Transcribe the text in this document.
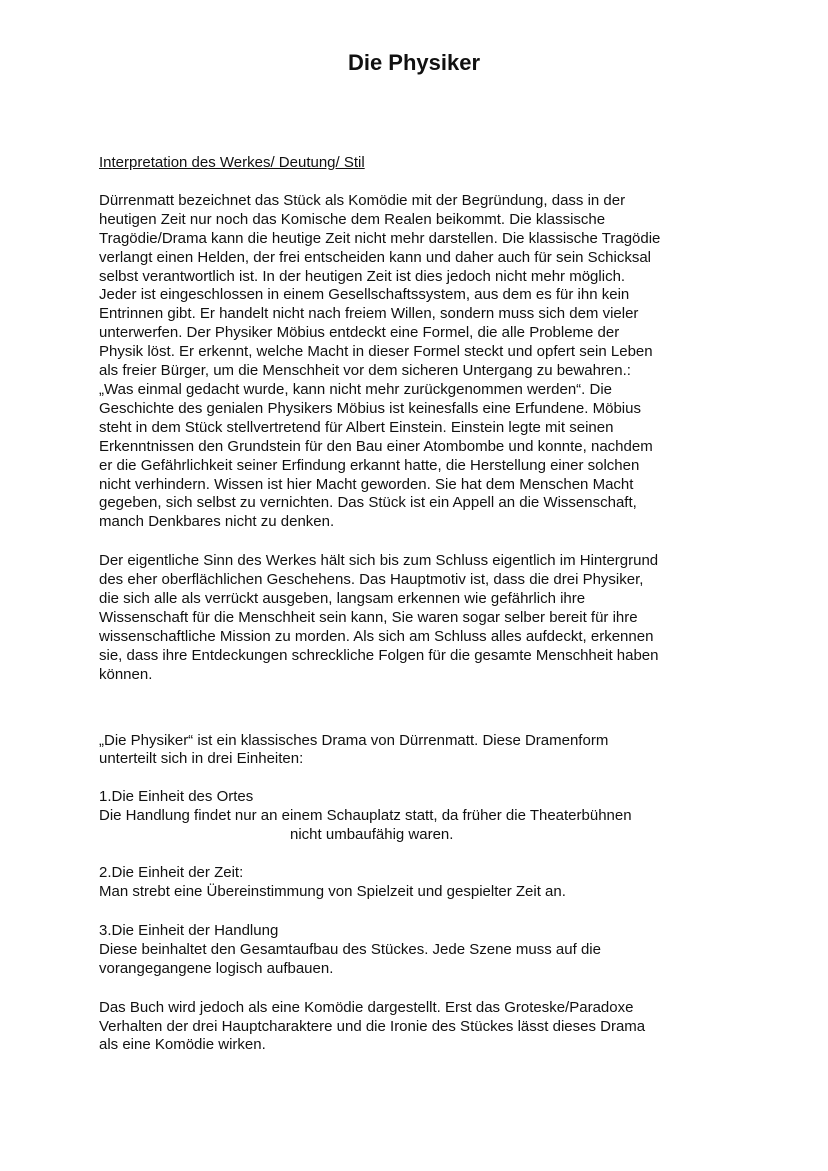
Die Physiker

Interpretation des Werkes/ Deutung/ Stil

Dürrenmatt bezeichnet das Stück als Komödie mit der Begründung, dass in der
heutigen Zeit nur noch das Komische dem Realen beikommt. Die klassische
Tragödie/Drama kann die heutige Zeit nicht mehr darstellen. Die klassische Tragödie
verlangt einen Helden, der frei entscheiden kann und daher auch für sein Schicksal
selbst verantwortlich ist. In der heutigen Zeit ist dies jedoch nicht mehr möglich.
Jeder ist eingeschlossen in einem Gesellschaftssystem, aus dem es für ihn kein
Entrinnen gibt. Er handelt nicht nach freiem Willen, sondern muss sich dem vieler
unterwerfen. Der Physiker Möbius entdeckt eine Formel, die alle Probleme der
Physik löst. Er erkennt, welche Macht in dieser Formel steckt und opfert sein Leben
als freier Bürger, um die Menschheit vor dem sicheren Untergang zu bewahren.:
„Was einmal gedacht wurde, kann nicht mehr zurückgenommen werden“. Die
Geschichte des genialen Physikers Möbius ist keinesfalls eine Erfundene. Möbius
steht in dem Stück stellvertretend für Albert Einstein. Einstein legte mit seinen
Erkenntnissen den Grundstein für den Bau einer Atombombe und konnte, nachdem
er die Gefährlichkeit seiner Erfindung erkannt hatte, die Herstellung einer solchen
nicht verhindern. Wissen ist hier Macht geworden. Sie hat dem Menschen Macht
gegeben, sich selbst zu vernichten. Das Stück ist ein Appell an die Wissenschaft,
manch Denkbares nicht zu denken.

Der eigentliche Sinn des Werkes hält sich bis zum Schluss eigentlich im Hintergrund
des eher oberflächlichen Geschehens. Das Hauptmotiv ist, dass die drei Physiker,
die sich alle als verrückt ausgeben, langsam erkennen wie gefährlich ihre
Wissenschaft für die Menschheit sein kann, Sie waren sogar selber bereit für ihre
wissenschaftliche Mission zu morden. Als sich am Schluss alles aufdeckt, erkennen
sie, dass ihre Entdeckungen schreckliche Folgen für die gesamte Menschheit haben
können.

„Die Physiker“ ist ein klassisches Drama von Dürrenmatt. Diese Dramenform
unterteilt sich in drei Einheiten:

1.Die Einheit des Ortes

Die Handlung findet nur an einem Schauplatz statt, da früher die Theaterbühnen

nicht umbaufähig waren.

2.Die Einheit der Zeit:

Man strebt eine Übereinstimmung von Spielzeit und gespielter Zeit an.

3.Die Einheit der Handlung

Diese beinhaltet den Gesamtaufbau des Stückes. Jede Szene muss auf die
vorangegangene logisch aufbauen.

Das Buch wird jedoch als eine Komödie dargestellt. Erst das Groteske/Paradoxe
Verhalten der drei Hauptcharaktere und die Ironie des Stückes lässt dieses Drama
als eine Komödie wirken.
